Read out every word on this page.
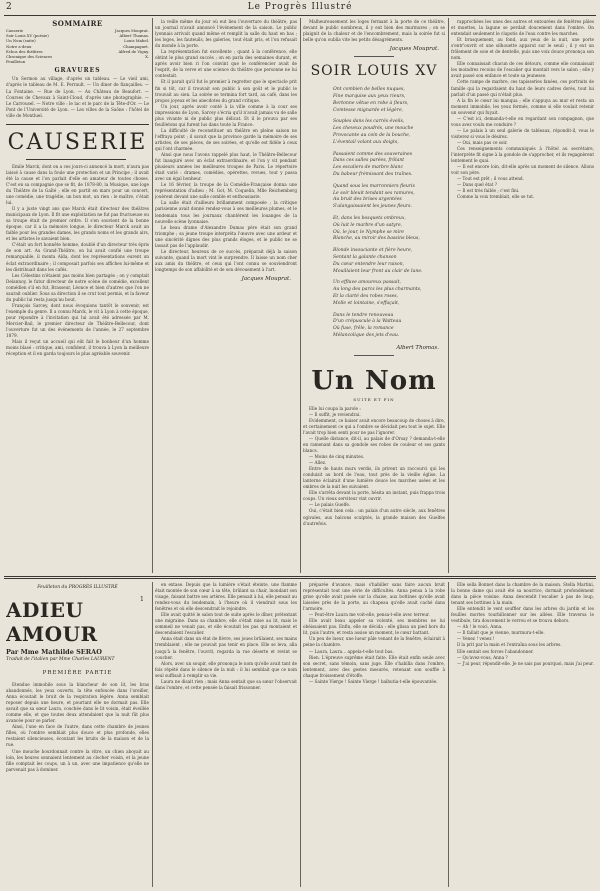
2	Le Progrès Illustré
SOMMAIRE
Causerie	Jacques Mouprat.
Soir Louis XV (poésie)	Albert Thomas.
Un Nom (suite)	Louis Mabel.
Notre a-deux	Champagnet.
Echos des théâtres	Alfred de Vigny.
Chronique des Sciences	X.
Feuilleton
GRAVURES
Un Sermon au village, d'après un tableau. — Le vieil ami, d'après le tableau de M. E. Perrault. — Un diner de fiançailles. — La Fontaine. — Rue de Lyon. — Au Château de Beaufort. — Courses de Chevaux à Saint-Cloud, d'après une photographie. — Le Carrousel. — Notre ville : le lac et le parc de la Tête-d'Or. — Le Pont de l'Université de Lyon. — Les villes de la Saône : l'hôtel de ville de Montluel.
CAUSERIE

Emile Marck, dont on a ces jours-ci annoncé la mort, n'aura pas laissé à cause dans la foule une protection et un Principe ; il avait été la cause et l'on parlait d'elle en amateur de toutes choses. C'est en sa compagnie que se fit, de 1878-80, la Musique, une loge du Théâtre de la Gaîté ; elle en partit en mars pour un concert, une comédie, une tragédie, un bon mot, un rien : le maître, c'était lui.

Il y a juste vingt ans que Marck était directeur des théâtres municipaux de Lyon. Il fit une exploitation ne fut pas fructueuse ou sa troupe était de premier ordre. Il s'en souvient de la bonne époque, car il a la mémoire longue, le directeur Marck avait un faible pour les grandes dames, les grands noms et les grands airs, et les artistes le savaient bien.

C'était un fort honnête homme, doublé d'un directeur très épris de son art. Au Grand-Théâtre, on lui avait confié une troupe remarquable, il monta Aïda, dont les représentations eurent un éclat extraordinaire ; il composait parfois ses affiches lui-même et les distribuait dans les cafés.

Les Célestins n'étaient pas moins bien partagés ; on y comptait Delannoy, le futur directeur de notre scène de comédie, excellent comédien s'il en fut, Brasseur, Léonce et bien d'autres que l'on ne saurait oublier. Sous sa direction il se crut tout permis, et la faveur du public lui resta jusqu'au bout.

François Sarcey, dont nous évoquions tantôt le souvenir, est l'exemple du genre. Il a connu Marck, le vit à Lyon à cette époque, pour répondre à l'invitation qui lui avait été adressée par M. Mercier-Bail, le premier directeur de Théâtre-Bellecour, dont l'ouverture fut un des événements de l'année, le 27 septembre 1879.

Mais il reçut un accueil qui eût fait le bonheur d'un homme moins blasé : critique, ami, confident, il trouva à Lyon la meilleure réception et il en garda toujours le plus agréable souvenir.

la veille même du jour où eut lieu l'ouverture du théâtre, pas un journal n'avait annoncé l'événement de la saison. Le public lyonnais arrivait quand même et remplit la salle du haut en bas ; les loges, les fauteuils, les galeries, tout était pris, et l'on refusait du monde à la porte.

La représentation fut excellente ; quant à la conférence, elle obtint le plus grand succès ; on en parla des semaines durant, et après avoir bien ri l'on convint que le conférencier avait de l'esprit, de la verve et une science du théâtre que personne ne lui contestait.

Et il parait qu'il fut le premier à regretter que le spectacle prit fin si tôt, car il trouvait son public à son goût et le public le trouvait au sien. La soirée se termina fort tard, au café, dans les propos joyeux et les anecdotes du grand critique.

Un jour, après avoir conté à la ville comme à la cour ses impressions de Lyon, Sarcey s'écria qu'il n'avait jamais vu de salle plus vivante ni de public plus délicat. Et il le prouva par ses feuilletons qui furent lus dans toute la France.

La difficulté de reconstituer un théâtre en pleine saison ne l'effraya point ; il savait que la province garde la mémoire de ses artistes, de ses pièces, de ses soirées, et qu'elle est fidèle à ceux qui l'ont charmée.

Ainsi que nous l'avons rappelé plus haut, le Théâtre-Bellecour fut inauguré avec un éclat extraordinaire, et l'on y vit pendant plusieurs années les meilleures troupes de Paris. Le répertoire était varié : drames, comédies, opérettes, revues, tout y passa avec un égal bonheur.

Le 16 février, la troupe de la Comédie-Française donna une représentation d'adieu ; M. Got, M. Coquelin, Mlle Reichemberg jouèrent devant une salle comble et enthousiaste.

La salle était d'ailleurs brillamment composée ; la critique parisienne avait donné rendez-vous à ses meilleures plumes, et le lendemain tous les journaux chantèrent les louanges de la nouvelle scène lyonnaise.

Le beau drame d'Alexandre Dumas père était son grand triomphe ; sa jeune troupe interpréta l'œuvre avec une ardeur et une sincérité dignes des plus grands éloges, et le public ne se lassait pas de l'applaudir.

Le directeur, heureux de ce succès, préparait déjà la saison suivante, quand la mort vint le surprendre. Il laisse un nom cher aux amis du théâtre, et ceux qui l'ont connu se souviendront longtemps de son affabilité et de son dévouement à l'art.

Jacques Mouprat.
Malheureusement les loges fermant à la porte de ce théâtre, devant le public nombreux, il y eut bien des murmures ; on se plaignit de la chaleur et de l'encombrement, mais la soirée fut si belle qu'on oublia vite les petits désagréments.
Jacques Mouprat.
SOIR LOUIS XV
Ont combien de belles nuques,
Fine marquise aux yeux rieurs,
Bertonne vêtue en robe à fleurs,
Comtesse mignarde et légère,
Souples dans les carrés éveils,
Les cheveux poudrés, une mouche
Provocante au coin de la bouche,
L'éventail volant aux doigts,
Passaient comme des souveraines
Dans ces salles parées, frôlant
Les escaliers de marbre blanc
Du babeur frémissant des traînes.
Quand sous les marronniers fleuris
Le soir bleuit tendant ses ramures,
Au bruit des brises argentées
S'alanguissaient les jeunes fleurs.
Et, dans les bosquets ombreux,
Où luit le marbre d'un satyre,
Où, le jour, le Nymphe se mire
Blanche, au miroir des bassins bleus,
Blonde insouciante et fière heure,
Sentant la galante chanson
Du cœur entendre leur raison,
Mouillaient leur front au clair de lune.
Un effluve amoureux passait,
Au long des parcs les plus charmants,
Et la clarté des robes roses,
Molle et lointaine, s'effaçait,
Dans le tendre renouveau
D'un crépuscule à la Watteau
Où fuse, frêle, la romance
Mélancolique des jets d'eau.
Albert Thomas.
Un Nom
SUITE ET FIN

Elle lui coupa la parole :

— Il suffit, je reviendrai.

Evidemment, ce baiser avait encore beaucoup de choses à dire, et certainement ce qui a l'ombre se décidait peu tout le sujet. Elle l'avait trop bien senti pour ne pas l'ignorer.

— Quelle distance, dit-il, au palais de d'Orsay ? demanda-t-elle en ramenant dans sa gondole ses robes de couleur et ses gants blancs.

— Moins de cinq minutes.

— Allez.

Entre de hauts murs verdis, ils prirent un raccourci qui les conduisit au bord de l'eau, tout près de la vieille église. La lanterne éclairait d'une lumière douce les marches usées et les ombres de la nuit les suivaient.

Elle s'arrêta devant la porte, hésita un instant, puis frappa trois coups. Un vieux serviteur vint ouvrir.

— Le palais Guelfe.

Oui, c'était bien cela : un palais d'un autre siècle, aux fenêtres ogivales, aux balcons sculptés, la grande maison des Guelfes d'autrefois.

rapprochées les unes des autres et entourées de fenêtres pâles et muettes, la lagune se perdait doucement dans l'ombre. On entendait seulement le clapotis de l'eau contre les marches.

Et brusquement, au fond, aux yeux de la nuit, une porte s'entr'ouvrit et une silhouette apparut sur le seuil ; il y eut un frôlement de soie et de dentelle, puis une voix douce prononça son nom.

Elle connaissait chacun de ces détours, comme elle connaissait les moindres recoins de l'escalier qui montait vers le salon ; elle y avait passé son enfance et toute sa jeunesse.

Cette rampe de marbre, ces tapisseries fanées, ces portraits de famille qui la regardaient du haut de leurs cadres dorés, tout lui parlait d'un passé qui n'était plus.

A la fin le cœur lui manqua ; elle s'appuya au mur et resta un moment immobile, les yeux fermés, comme si elle voulait retenir un souvenir qui fuyait.

— C'est ici, demanda-t-elle en regardant son compagnon, que vous avez voulu me conduire ?

— Le palais à un seul galerie de tableaux, répondit-il, vous le visiterez si vous le désirez.

— Oui, mais pas ce soir.

Ces renseignements communiqués à l'hôtel au secrétaire, l'interprète fit signe à la gondole de s'approcher, et ils regagnèrent lentement le quai.

— Il est encore loin, dit-elle après un moment de silence. Allons voir son père.

— Tout est prêt ; il vous attend.

— Dans quel état ?

— Il est très faible ; c'est fini.

Comme la voix tremblait, elle se tut.

Feuilleton du PROGRÈS ILLUSTRÉ
1
ADIEU AMOUR
Par Mme Mathilde SERAO
Traduit de l'italien par Mme Charles LAURENT
PREMIÈRE PARTIE

Etendue immobile sous la blancheur de son lit, les bras abandonnés, les yeux ouverts, la tête enfoncée dans l'oreiller, Anna écoutait le bruit de la respiration légère. Anna semblait reposer depuis une heure, et pourtant elle ne dormait pas. Elle savait que sa sœur Laura, couchée dans le lit voisin, était éveillée comme elle, et que toutes deux attendaient que la nuit fût plus avancée pour se parler.

Ainsi, l'une en face de l'autre, dans cette chambre de jeunes filles, où l'ombre semblait plus douce et plus profonde, elles restaient silencieuses, écoutant les bruits de la maison et de la rue.

Une mouche bourdonnait contre la vitre, un chien aboyait au loin, les heures sonnaient lentement au clocher voisin, et la jeune fille comptait les coups, un à un, avec une impatience qu'elle ne parvenait pas à dominer.

en extase. Depuis que la lumière s'était éteinte, une flamme était montée de son cœur à sa tête, brûlant sa chair, inondant son visage, faisant battre ses artères. Elle pensait à lui, elle pensait au rendez-vous du lendemain, à l'heure où il viendrait sous les fenêtres et où elle descendrait le rejoindre.

Elle avait quitté le salon tout de suite après le dîner, prétextant une migraine. Dans sa chambre, elle s'était mise au lit, mais le sommeil ne venait pas, et elle écoutait les pas qui montaient et descendaient l'escalier.

Anna était dans un état de fièvre, ses joues brûlaient, ses mains tremblaient ; elle ne pouvait pas tenir en place. Elle se leva, alla jusqu'à la fenêtre, l'ouvrit, regarda la rue déserte et revint se coucher.

Alors, avec un soupir, elle prononça le nom qu'elle avait tant de fois répété dans le silence de la nuit : il lui semblait que ce nom seul suffisait à remplir sa vie.

Laura ne disait rien ; mais Anna sentait que sa sœur l'observait dans l'ombre, et cette pensée la faisait frissonner.

préparée d'avance, mais s'habiller sans faire aucun bruit représentait tout une série de difficultés. Anna pensa à la robe grise qu'elle avait posée sur la chaise, aux bottines qu'elle avait laissées près de la porte, au chapeau qu'elle avait caché dans l'armoire.

— Peut-être Laura me voit-elle, pensa-t-elle avec terreur.

Elle avait beau appeler sa volonté, ses membres ne lui obéissaient pas. Enfin, elle se décida : elle glissa un pied hors du lit, puis l'autre, et resta assise un moment, le cœur battant.

Un peu de lueur, une lueur pâle venant de la fenêtre, éclairait à peine la chambre.

— Laura, Laura... appela-t-elle tout bas.

Rien. L'épreuve suprême était faite. Elle était enfin seule avec son secret, sans témoin, sans juge. Elle s'habilla dans l'ombre, lentement, avec des gestes mesurés, retenant son souffle à chaque froissement d'étoffe.

— Sainte Vierge ! Sainte Vierge ! balbutia-t-elle épouvantée.

Elle sella Bonnet dans la chambre de la maison. Stella Martini, la bonne dame qui avait été sa nourrice, dormait profondément dans la pièce voisine. Anna descendit l'escalier à pas de loup, tenant ses bottines à la main.

Elle entendit le vent souffler dans les arbres du jardin et les feuilles mortes tourbillonner sur les allées. Elle traversa le vestibule, tira doucement le verrou et se trouva dehors.

— Ah ! le voici, Anna.

— Il fallait que je vienne, murmura-t-elle.

— Venez ! venez !

Il la prit par la main et l'entraîna sous les arbres.

Elle sentait ses forces l'abandonner.

— Qu'avez-vous, Anna ?

— J'ai peur, répondit-elle. Je ne sais pas pourquoi, mais j'ai peur.
